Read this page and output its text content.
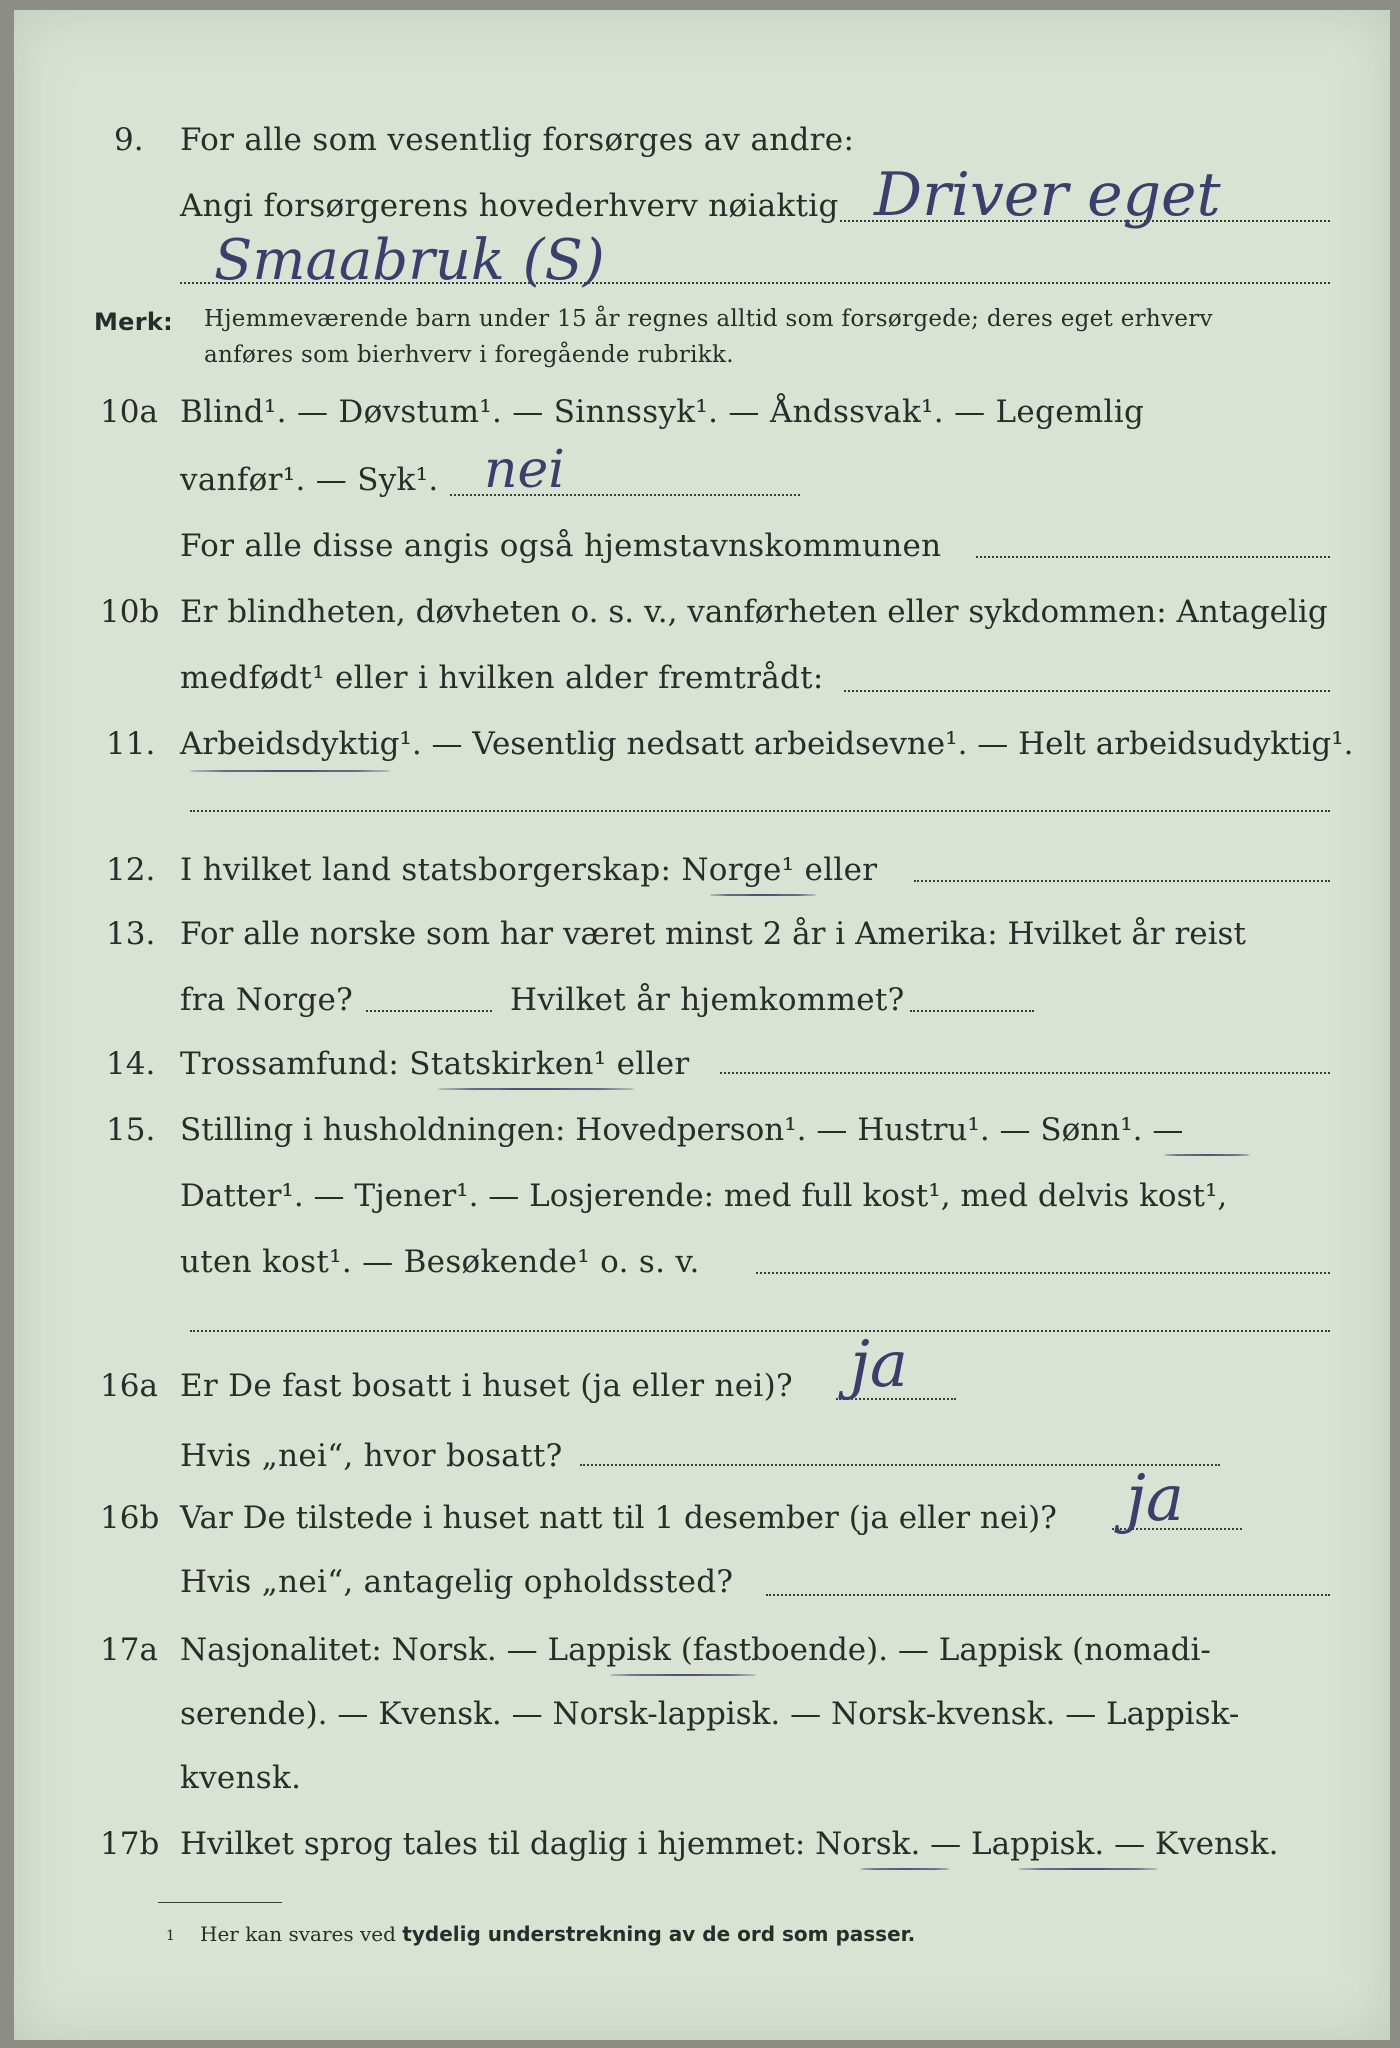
9. For alle som vesentlig forsørges av andre:
Angi forsørgerens hovederhverv nøiaktig Driver eget
Smaabruk (S)
Merk: Hjemmeværende barn under 15 år regnes alltid som forsørgede; deres eget erhverv
anføres som bierhverv i foregående rubrikk.
10a Blind¹. — Døvstum¹. — Sinnssyk¹. — Åndssvak¹. — Legemlig
vanfør¹. — Syk¹. nei
For alle disse angis også hjemstavnskommunen
10b Er blindheten, døvheten o. s. v., vanførheten eller sykdommen: Antagelig
medfødt¹ eller i hvilken alder fremtrådt:
11. Arbeidsdyktig¹. — Vesentlig nedsatt arbeidsevne¹. — Helt arbeidsudyktig¹.
12. I hvilket land statsborgerskap: Norge¹ eller
13. For alle norske som har været minst 2 år i Amerika: Hvilket år reist
fra Norge?	Hvilket år hjemkommet?
14. Trossamfund: Statskirken¹ eller
15. Stilling i husholdningen: Hovedperson¹. — Hustru¹. — Sønn¹. —
Datter¹. — Tjener¹. — Losjerende: med full kost¹, med delvis kost¹,
uten kost¹. — Besøkende¹ o. s. v.
16a Er De fast bosatt i huset (ja eller nei)? ja
Hvis „nei“, hvor bosatt?
16b Var De tilstede i huset natt til 1 desember (ja eller nei)? ja
Hvis „nei“, antagelig opholdssted?
17a Nasjonalitet: Norsk. — Lappisk (fastboende). — Lappisk (nomadi-
serende). — Kvensk. — Norsk-lappisk. — Norsk-kvensk. — Lappisk-
kvensk.
17b Hvilket sprog tales til daglig i hjemmet: Norsk. — Lappisk. — Kvensk.
1 Her kan svares ved tydelig understrekning av de ord som passer.
